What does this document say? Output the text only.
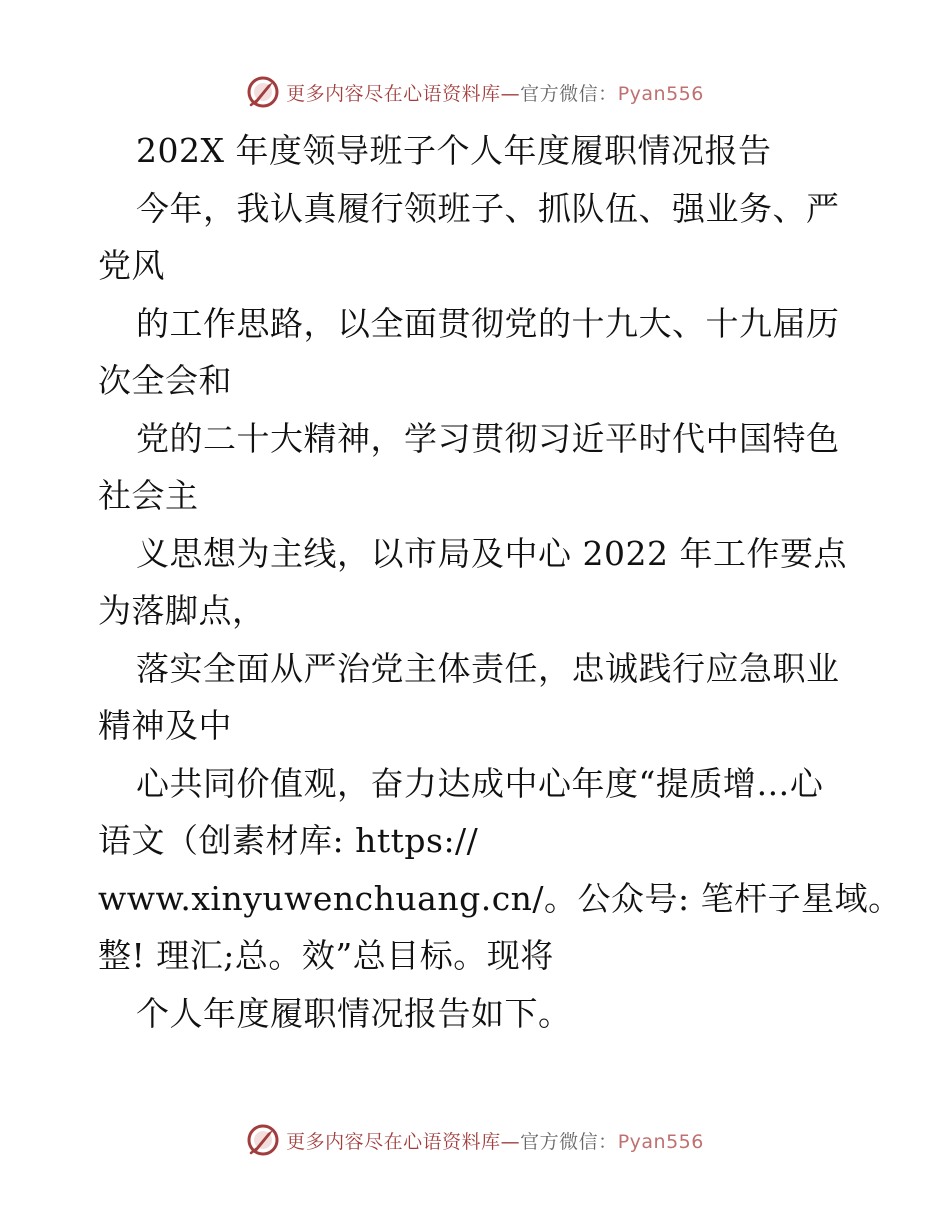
更多内容尽在心语资料库—官方微信：Pyan556
202X 年度领导班子个人年度履职情况报告
今年，我认真履行领班子、抓队伍、强业务、严
党风
的工作思路，以全面贯彻党的十九大、十九届历
次全会和
党的二十大精神，学习贯彻习近平时代中国特色
社会主
义思想为主线，以市局及中心 2022 年工作要点
为落脚点，
落实全面从严治党主体责任，忠诚践行应急职业
精神及中
心共同价值观，奋力达成中心年度“提质增…心
语文（创素材库: https://
www.xinyuwenchuang.cn/。公众号: 笔杆子星域。
整! 理汇;总。效”总目标。现将
个人年度履职情况报告如下。
更多内容尽在心语资料库—官方微信：Pyan556
